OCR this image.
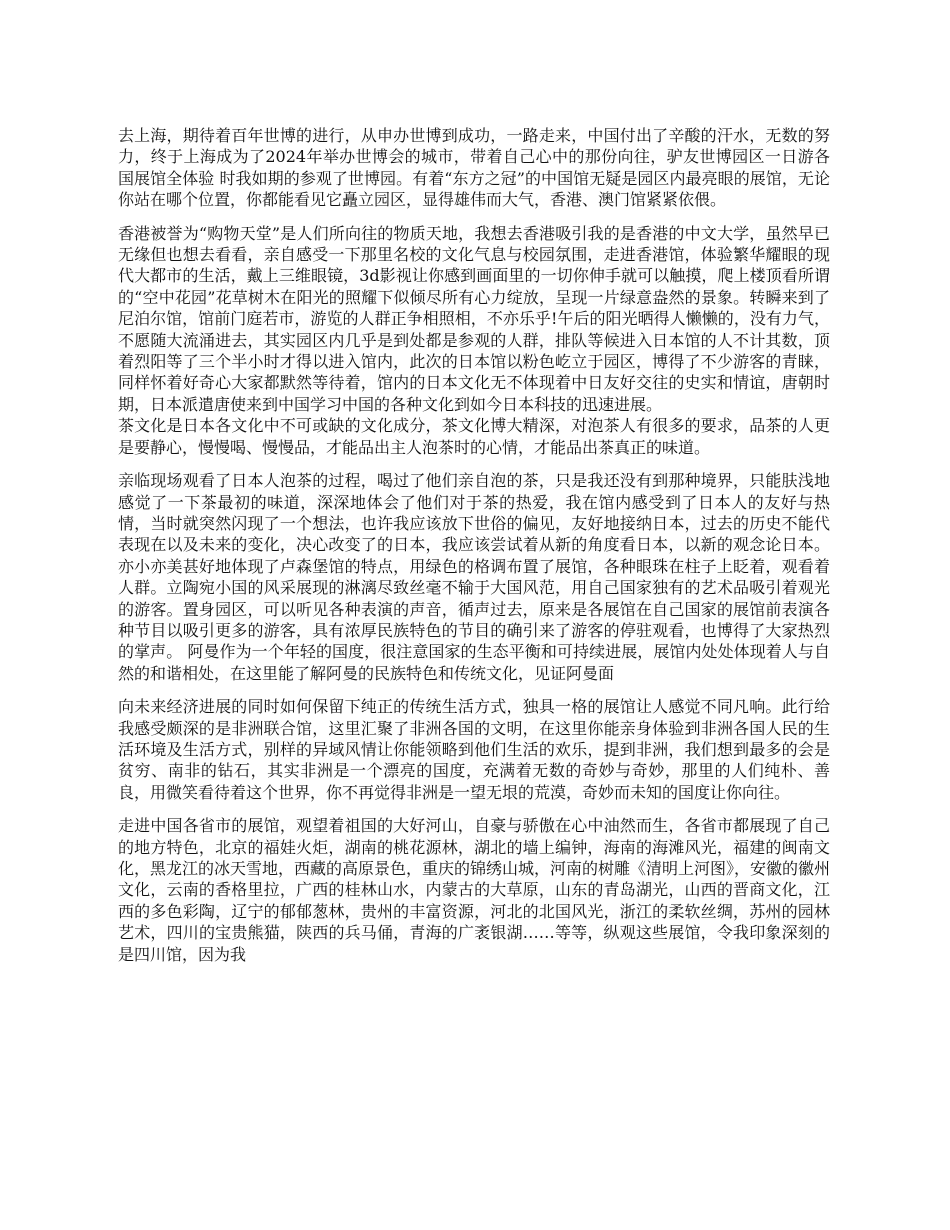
去上海，期待着百年世博的进行，从申办世博到成功，一路走来，中国付出了辛酸的汗水，无数的努力，终于上海成为了2024年举办世博会的城市，带着自己心中的那份向往，驴友世博园区一日游各国展馆全体验 时我如期的参观了世博园。有着“东方之冠”的中国馆无疑是园区内最亮眼的展馆，无论你站在哪个位置，你都能看见它矗立园区，显得雄伟而大气，香港、澳门馆紧紧依偎。

香港被誉为“购物天堂”是人们所向往的物质天地，我想去香港吸引我的是香港的中文大学，虽然早已无缘但也想去看看，亲自感受一下那里名校的文化气息与校园氛围，走进香港馆，体验繁华耀眼的现代大都市的生活，戴上三维眼镜，3d影视让你感到画面里的一切你伸手就可以触摸，爬上楼顶看所谓的“空中花园”花草树木在阳光的照耀下似倾尽所有心力绽放，呈现一片绿意盎然的景象。转瞬来到了尼泊尔馆，馆前门庭若市，游览的人群正争相照相，不亦乐乎!午后的阳光晒得人懒懒的，没有力气，不愿随大流涌进去，其实园区内几乎是到处都是参观的人群，排队等候进入日本馆的人不计其数，顶着烈阳等了三个半小时才得以进入馆内，此次的日本馆以粉色屹立于园区，博得了不少游客的青睐，同样怀着好奇心大家都默然等待着，馆内的日本文化无不体现着中日友好交往的史实和情谊，唐朝时期，日本派遣唐使来到中国学习中国的各种文化到如今日本科技的迅速进展。

茶文化是日本各文化中不可或缺的文化成分，茶文化博大精深，对泡茶人有很多的要求，品茶的人更是要静心，慢慢喝、慢慢品，才能品出主人泡茶时的心情，才能品出茶真正的味道。

亲临现场观看了日本人泡茶的过程，喝过了他们亲自泡的茶，只是我还没有到那种境界，只能肤浅地感觉了一下茶最初的味道，深深地体会了他们对于茶的热爱，我在馆内感受到了日本人的友好与热情，当时就突然闪现了一个想法，也许我应该放下世俗的偏见，友好地接纳日本，过去的历史不能代表现在以及未来的变化，决心改变了的日本，我应该尝试着从新的角度看日本，以新的观念论日本。亦小亦美甚好地体现了卢森堡馆的特点，用绿色的格调布置了展馆，各种眼珠在柱子上眨着，观看着人群。立陶宛小国的风采展现的淋漓尽致丝毫不输于大国风范，用自己国家独有的艺术品吸引着观光的游客。置身园区，可以听见各种表演的声音，循声过去，原来是各展馆在自己国家的展馆前表演各种节目以吸引更多的游客，具有浓厚民族特色的节目的确引来了游客的停驻观看，也博得了大家热烈的掌声。 阿曼作为一个年轻的国度，很注意国家的生态平衡和可持续进展，展馆内处处体现着人与自然的和谐相处，在这里能了解阿曼的民族特色和传统文化，见证阿曼面

向未来经济进展的同时如何保留下纯正的传统生活方式，独具一格的展馆让人感觉不同凡响。此行给我感受颇深的是非洲联合馆，这里汇聚了非洲各国的文明，在这里你能亲身体验到非洲各国人民的生活环境及生活方式，别样的异域风情让你能领略到他们生活的欢乐，提到非洲，我们想到最多的会是贫穷、南非的钻石，其实非洲是一个漂亮的国度，充满着无数的奇妙与奇妙，那里的人们纯朴、善良，用微笑看待着这个世界，你不再觉得非洲是一望无垠的荒漠，奇妙而未知的国度让你向往。

走进中国各省市的展馆，观望着祖国的大好河山，自豪与骄傲在心中油然而生，各省市都展现了自己的地方特色，北京的福娃火炬，湖南的桃花源林，湖北的墙上编钟，海南的海滩风光，福建的闽南文化，黑龙江的冰天雪地，西藏的高原景色，重庆的锦绣山城，河南的树雕《清明上河图》，安徽的徽州文化，云南的香格里拉，广西的桂林山水，内蒙古的大草原，山东的青岛湖光，山西的晋商文化，江西的多色彩陶，辽宁的郁郁葱林，贵州的丰富资源，河北的北国风光，浙江的柔软丝绸，苏州的园林艺术，四川的宝贵熊猫，陕西的兵马俑，青海的广袤银湖……等等，纵观这些展馆，令我印象深刻的是四川馆，因为我
